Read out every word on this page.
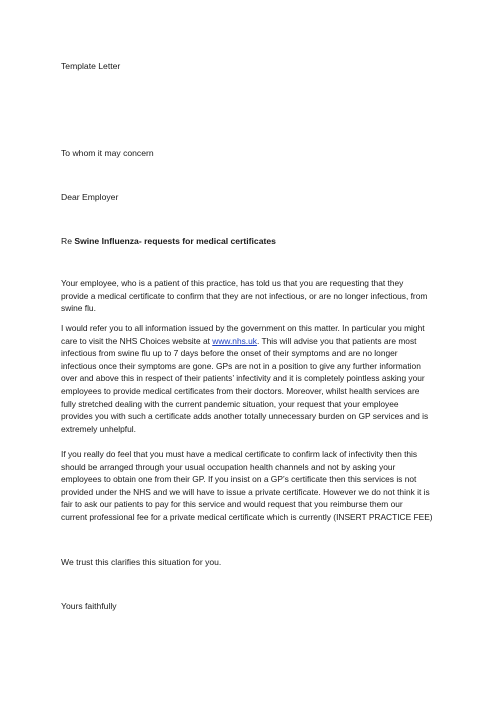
Template Letter
To whom it may concern
Dear Employer
Re Swine Influenza- requests for medical certificates
Your employee, who is a patient of this practice, has told us that you are requesting that they
provide a medical certificate to confirm that they are not infectious, or are no longer infectious, from
swine flu.
I would refer you to all information issued by the government on this matter. In particular you might
care to visit the NHS Choices website at www.nhs.uk. This will advise you that patients are most
infectious from swine flu up to 7 days before the onset of their symptoms and are no longer
infectious once their symptoms are gone. GPs are not in a position to give any further information
over and above this in respect of their patients’ infectivity and it is completely pointless asking your
employees to provide medical certificates from their doctors. Moreover, whilst health services are
fully stretched dealing with the current pandemic situation, your request that your employee
provides you with such a certificate adds another totally unnecessary burden on GP services and is
extremely unhelpful.
If you really do feel that you must have a medical certificate to confirm lack of infectivity then this
should be arranged through your usual occupation health channels and not by asking your
employees to obtain one from their GP. If you insist on a GP’s certificate then this services is not
provided under the NHS and we will have to issue a private certificate. However we do not think it is
fair to ask our patients to pay for this service and would request that you reimburse them our
current professional fee for a private medical certificate which is currently (INSERT PRACTICE FEE)
We trust this clarifies this situation for you.
Yours faithfully
